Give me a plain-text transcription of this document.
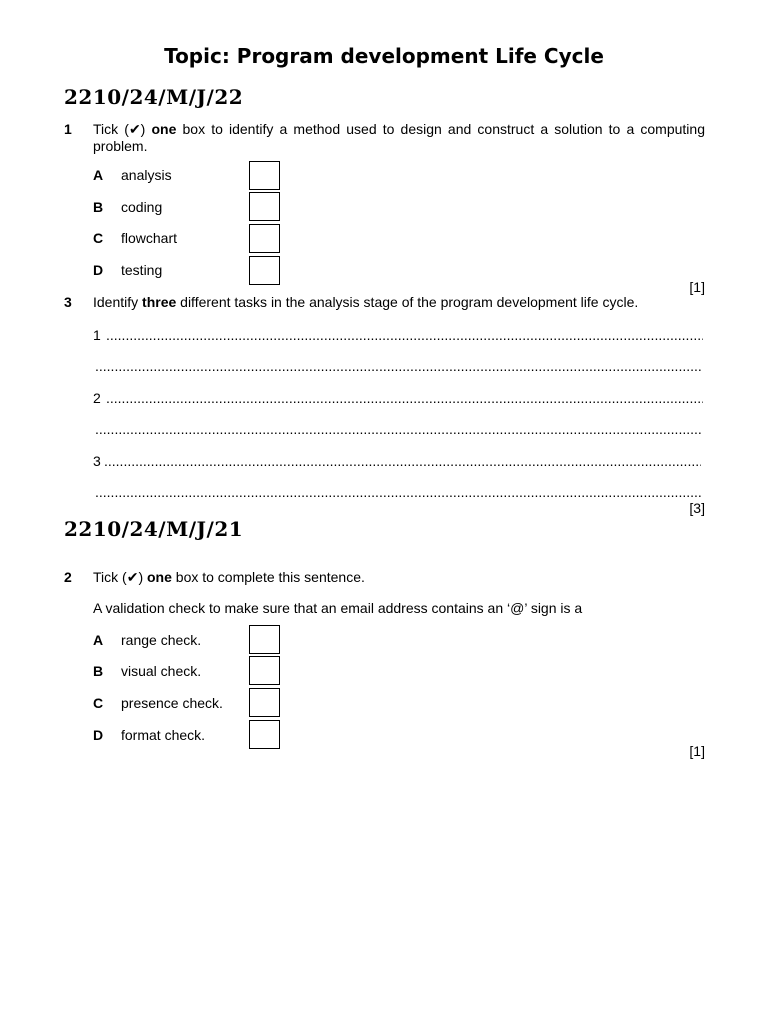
Topic: Program development Life Cycle
2210/24/M/J/22
1 Tick (✔) one box to identify a method used to design and construct a solution to a computing problem.
A analysis
B coding
C flowchart
D testing
[1]
3 Identify three different tasks in the analysis stage of the program development life cycle.
1
.....
.....
2
.....
.....
3
.....
.....
[3]
2210/24/M/J/21
2 Tick (✔) one box to complete this sentence.
A validation check to make sure that an email address contains an ‘@’ sign is a
A range check.
B visual check.
C presence check.
D format check.
[1]
